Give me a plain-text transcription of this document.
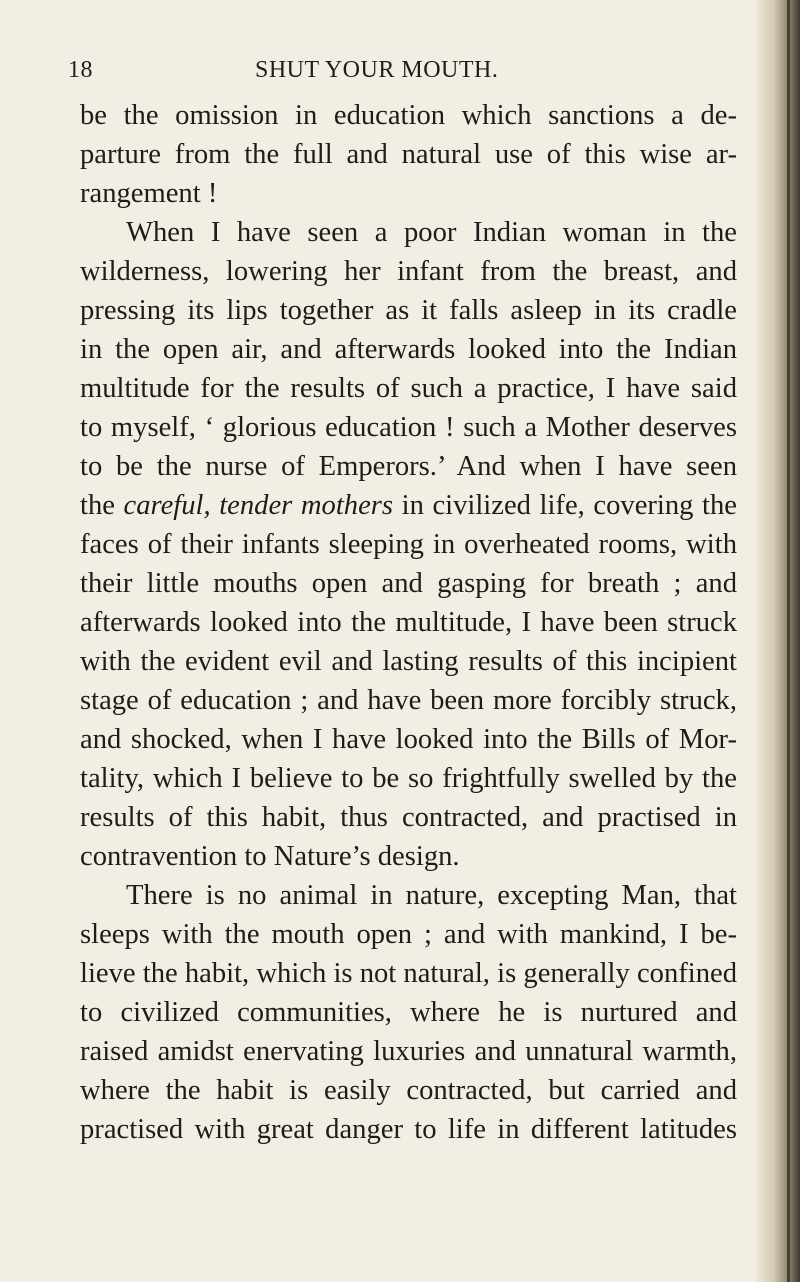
18	SHUT YOUR MOUTH.
be the omission in education which sanctions a de-
parture from the full and natural use of this wise ar-
rangement !
When I have seen a poor Indian woman in the
wilderness, lowering her infant from the breast, and
pressing its lips together as it falls asleep in its cradle
in the open air, and afterwards looked into the Indian
multitude for the results of such a practice, I have said
to myself, ‘ glorious education ! such a Mother deserves
to be the nurse of Emperors.’ And when I have seen
the careful, tender mothers in civilized life, covering the
faces of their infants sleeping in overheated rooms, with
their little mouths open and gasping for breath ; and
afterwards looked into the multitude, I have been struck
with the evident evil and lasting results of this incipient
stage of education ; and have been more forcibly struck,
and shocked, when I have looked into the Bills of Mor-
tality, which I believe to be so frightfully swelled by the
results of this habit, thus contracted, and practised in
contravention to Nature’s design.
There is no animal in nature, excepting Man, that
sleeps with the mouth open ; and with mankind, I be-
lieve the habit, which is not natural, is generally confined
to civilized communities, where he is nurtured and
raised amidst enervating luxuries and unnatural warmth,
where the habit is easily contracted, but carried and
practised with great danger to life in different latitudes
